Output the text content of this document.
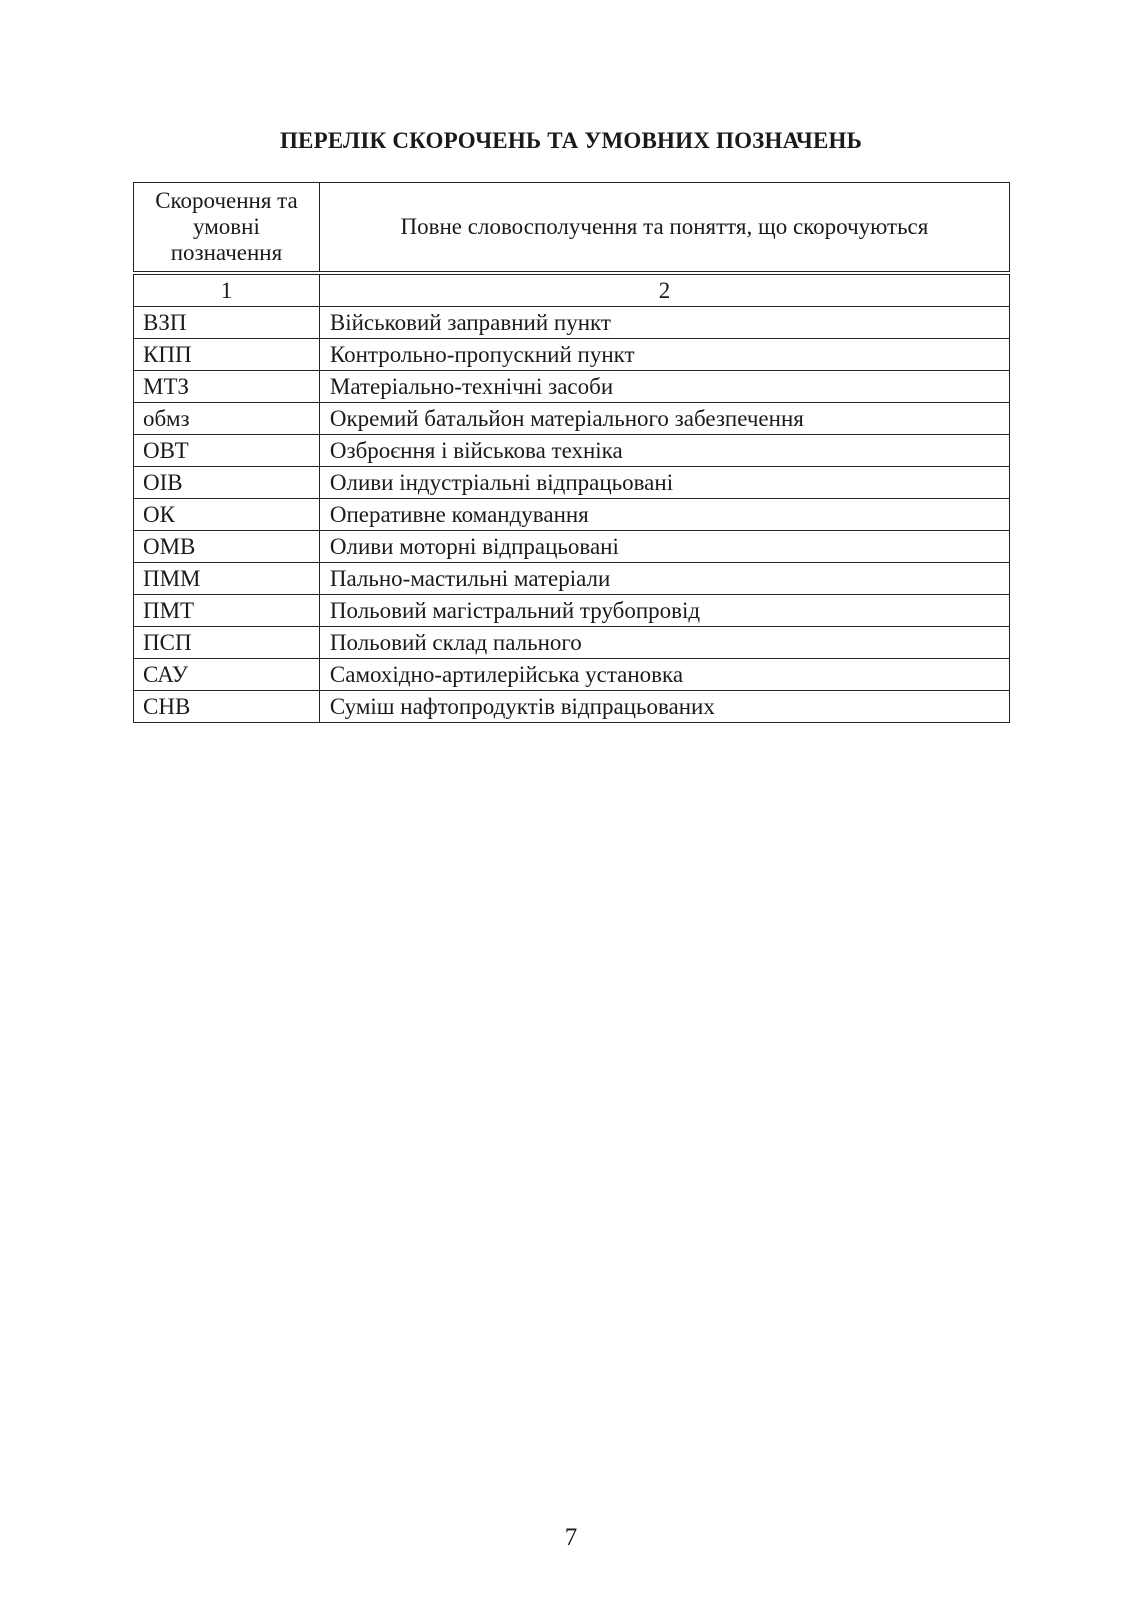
ПЕРЕЛІК СКОРОЧЕНЬ ТА УМОВНИХ ПОЗНАЧЕНЬ
Скорочення та умовні позначення	Повне словосполучення та поняття, що скорочуються
1	2
ВЗП	Військовий заправний пункт
КПП	Контрольно-пропускний пункт
МТЗ	Матеріально-технічні засоби
обмз	Окремий батальйон матеріального забезпечення
ОВТ	Озброєння і військова техніка
ОІВ	Оливи індустріальні відпрацьовані
ОК	Оперативне командування
ОМВ	Оливи моторні відпрацьовані
ПММ	Пально-мастильні матеріали
ПМТ	Польовий магістральний трубопровід
ПСП	Польовий склад пального
САУ	Самохідно-артилерійська установка
СНВ	Суміш нафтопродуктів відпрацьованих
7
